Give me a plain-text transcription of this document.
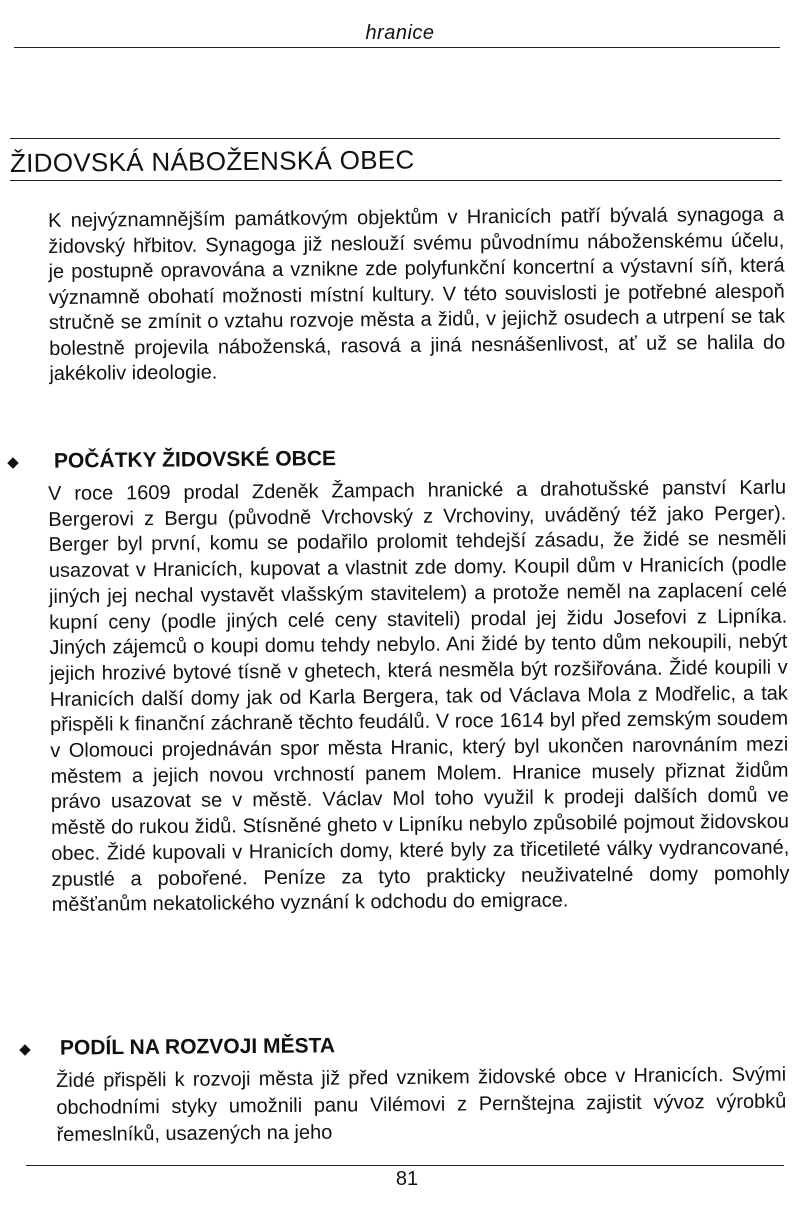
hranice
ŽIDOVSKÁ NÁBOŽENSKÁ OBEC

K nejvýznamnějším památkovým objektům v Hranicích patří bývalá synagoga a židovský hřbitov. Synagoga již neslouží svému původnímu náboženskému účelu, je postupně opravována a vznikne zde polyfunkční koncertní a výstavní síň, která významně obohatí možnosti místní kultury. V této souvislosti je potřebné alespoň stručně se zmínit o vztahu rozvoje města a židů, v jejichž osudech a utrpení se tak bolestně projevila náboženská, rasová a jiná nesnášenlivost, ať už se halila do jakékoliv ideologie.

◆ POČÁTKY ŽIDOVSKÉ OBCE

V roce 1609 prodal Zdeněk Žampach hranické a drahotušské panství Karlu Bergerovi z Bergu (původně Vrchovský z Vrchoviny, uváděný též jako Perger). Berger byl první, komu se podařilo prolomit tehdejší zásadu, že židé se nesměli usazovat v Hranicích, kupovat a vlastnit zde domy. Koupil dům v Hranicích (podle jiných jej nechal vystavět vlašským stavitelem) a protože neměl na zaplacení celé kupní ceny (podle jiných celé ceny staviteli) prodal jej židu Josefovi z Lipníka. Jiných zájemců o koupi domu tehdy nebylo. Ani židé by tento dům nekoupili, nebýt jejich hrozivé bytové tísně v ghetech, která nesměla být rozšiřována. Židé koupili v Hranicích další domy jak od Karla Bergera, tak od Václava Mola z Modřelic, a tak přispěli k finanční záchraně těchto feudálů. V roce 1614 byl před zemským soudem v Olomouci projednáván spor města Hranic, který byl ukončen narovnáním mezi městem a jejich novou vrchností panem Molem. Hranice musely přiznat židům právo usazovat se v městě. Václav Mol toho využil k prodeji dalších domů ve městě do rukou židů. Stísněné gheto v Lipníku nebylo způsobilé pojmout židovskou obec. Židé kupovali v Hranicích domy, které byly za třicetileté války vydrancované, zpustlé a pobořené. Peníze za tyto prakticky neuživatelné domy pomohly měšťanům nekatolického vyznání k odchodu do emigrace.

◆ PODÍL NA ROZVOJI MĚSTA

Židé přispěli k rozvoji města již před vznikem židovské obce v Hranicích. Svými obchodními styky umožnili panu Vilémovi z Pernštejna zajistit vývoz výrobků řemeslníků, usazených na jeho

81
